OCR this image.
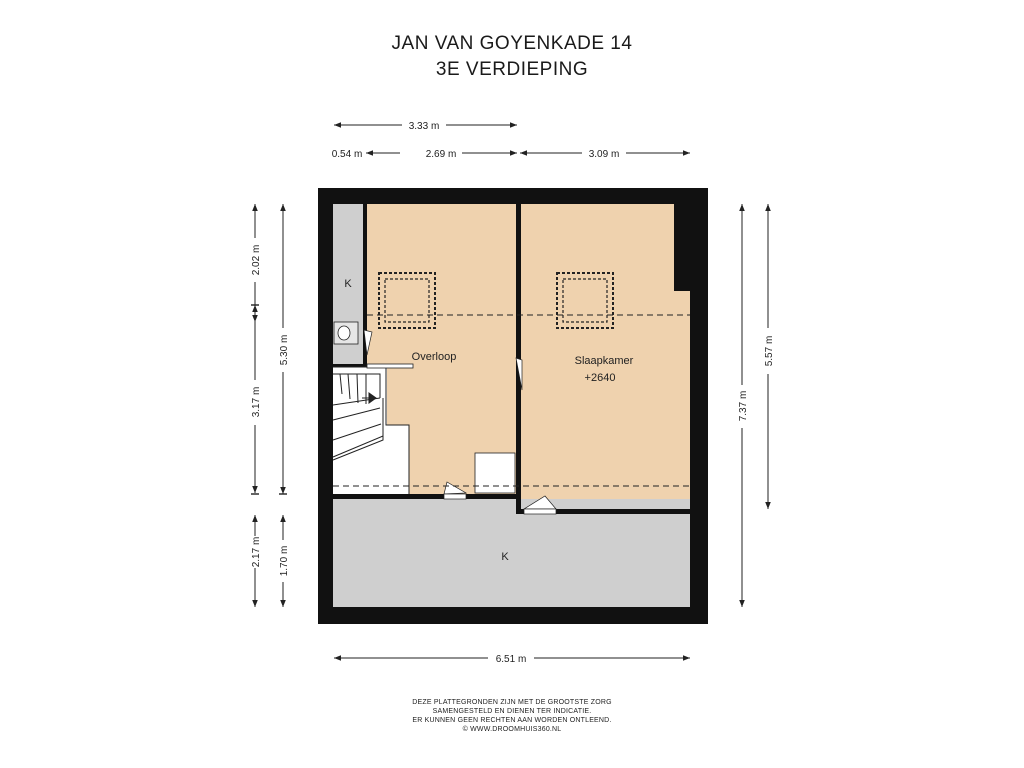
JAN VAN GOYENKADE 14
3E VERDIEPING
K
Overloop	Slaapkamer
+2640
K
3.33 m
0.54 m	2.69 m	3.09 m
6.51 m
2.02 m
3.17 m
2.17 m
5.30 m
1.70 m
7.37 m
5.57 m
DEZE PLATTEGRONDEN ZIJN MET DE GROOTSTE ZORG
SAMENGESTELD EN DIENEN TER INDICATIE.
ER KUNNEN GEEN RECHTEN AAN WORDEN ONTLEEND.
© WWW.DROOMHUIS360.NL
